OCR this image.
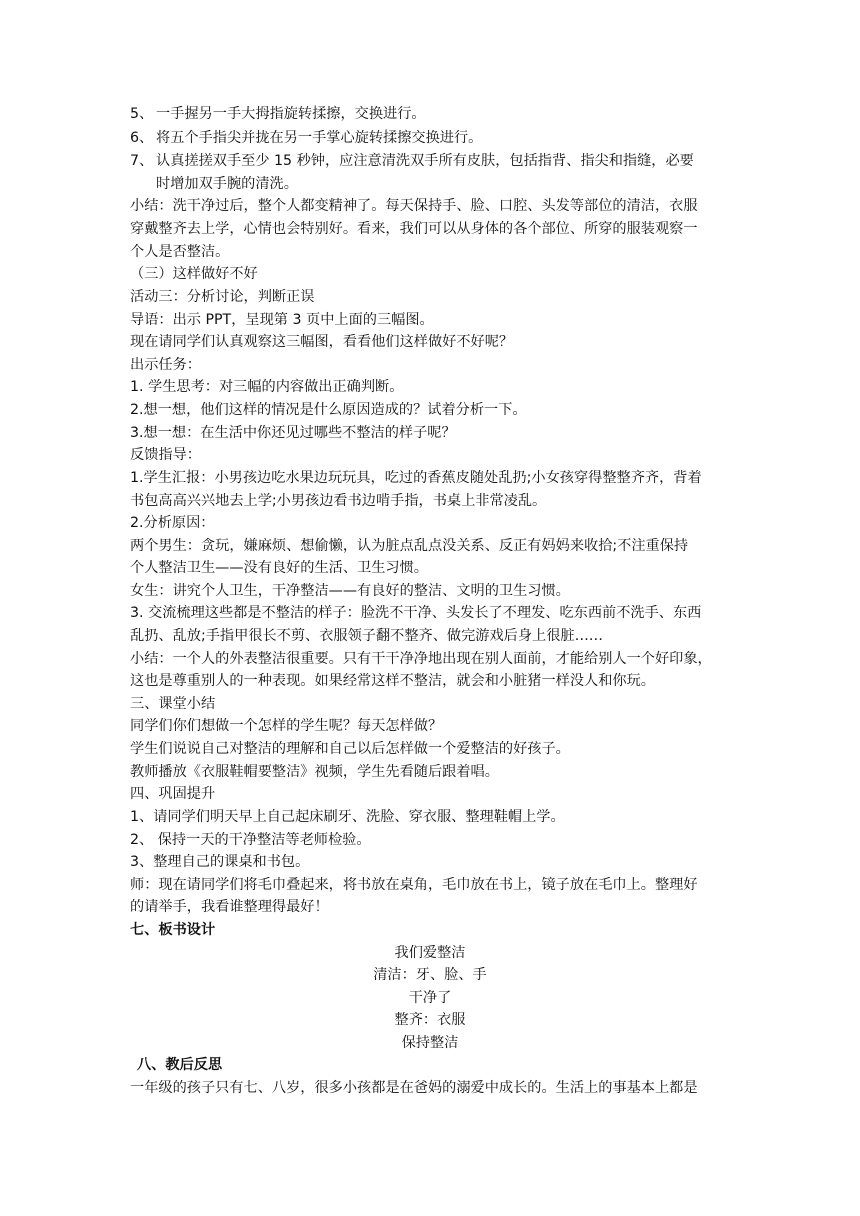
5、 一手握另一手大拇指旋转揉擦，交换进行。
6、 将五个手指尖并拢在另一手掌心旋转揉擦交换进行。
7、 认真搓搓双手至少 15 秒钟，应注意清洗双手所有皮肤，包括指背、指尖和指缝，必要
时增加双手腕的清洗。
小结：洗干净过后，整个人都变精神了。每天保持手、脸、口腔、头发等部位的清洁，衣服
穿戴整齐去上学，心情也会特别好。看来，我们可以从身体的各个部位、所穿的服装观察一
个人是否整洁。
（三）这样做好不好
活动三：分析讨论，判断正误
导语：出示 PPT，呈现第 3 页中上面的三幅图。
现在请同学们认真观察这三幅图，看看他们这样做好不好呢？
出示任务：
1. 学生思考：对三幅的内容做出正确判断。
2.想一想，他们这样的情况是什么原因造成的？试着分析一下。
3.想一想：在生活中你还见过哪些不整洁的样子呢？
反馈指导：
1.学生汇报：小男孩边吃水果边玩玩具，吃过的香蕉皮随处乱扔;小女孩穿得整整齐齐，背着
书包高高兴兴地去上学;小男孩边看书边啃手指，书桌上非常凌乱。
2.分析原因：
两个男生：贪玩，嫌麻烦、想偷懒，认为脏点乱点没关系、反正有妈妈来收拾;不注重保持
个人整洁卫生——没有良好的生活、卫生习惯。
女生：讲究个人卫生，干净整洁——有良好的整洁、文明的卫生习惯。
3. 交流梳理这些都是不整洁的样子：脸洗不干净、头发长了不理发、吃东西前不洗手、东西
乱扔、乱放;手指甲很长不剪、衣服领子翻不整齐、做完游戏后身上很脏……
小结：一个人的外表整洁很重要。只有干干净净地出现在别人面前，才能给别人一个好印象，
这也是尊重别人的一种表现。如果经常这样不整洁，就会和小脏猪一样没人和你玩。
三、课堂小结
同学们你们想做一个怎样的学生呢？每天怎样做？
学生们说说自己对整洁的理解和自己以后怎样做一个爱整洁的好孩子。
教师播放《衣服鞋帽要整洁》视频，学生先看随后跟着唱。
四、巩固提升
1、请同学们明天早上自己起床刷牙、洗脸、穿衣服、整理鞋帽上学。
2、 保持一天的干净整洁等老师检验。
3、整理自己的课桌和书包。
师：现在请同学们将毛巾叠起来，将书放在桌角，毛巾放在书上，镜子放在毛巾上。整理好
的请举手，我看谁整理得最好！
七、板书设计
我们爱整洁
清洁：牙、脸、手
干净了
整齐：衣服
保持整洁
八、教后反思
一年级的孩子只有七、八岁，很多小孩都是在爸妈的溺爱中成长的。生活上的事基本上都是
